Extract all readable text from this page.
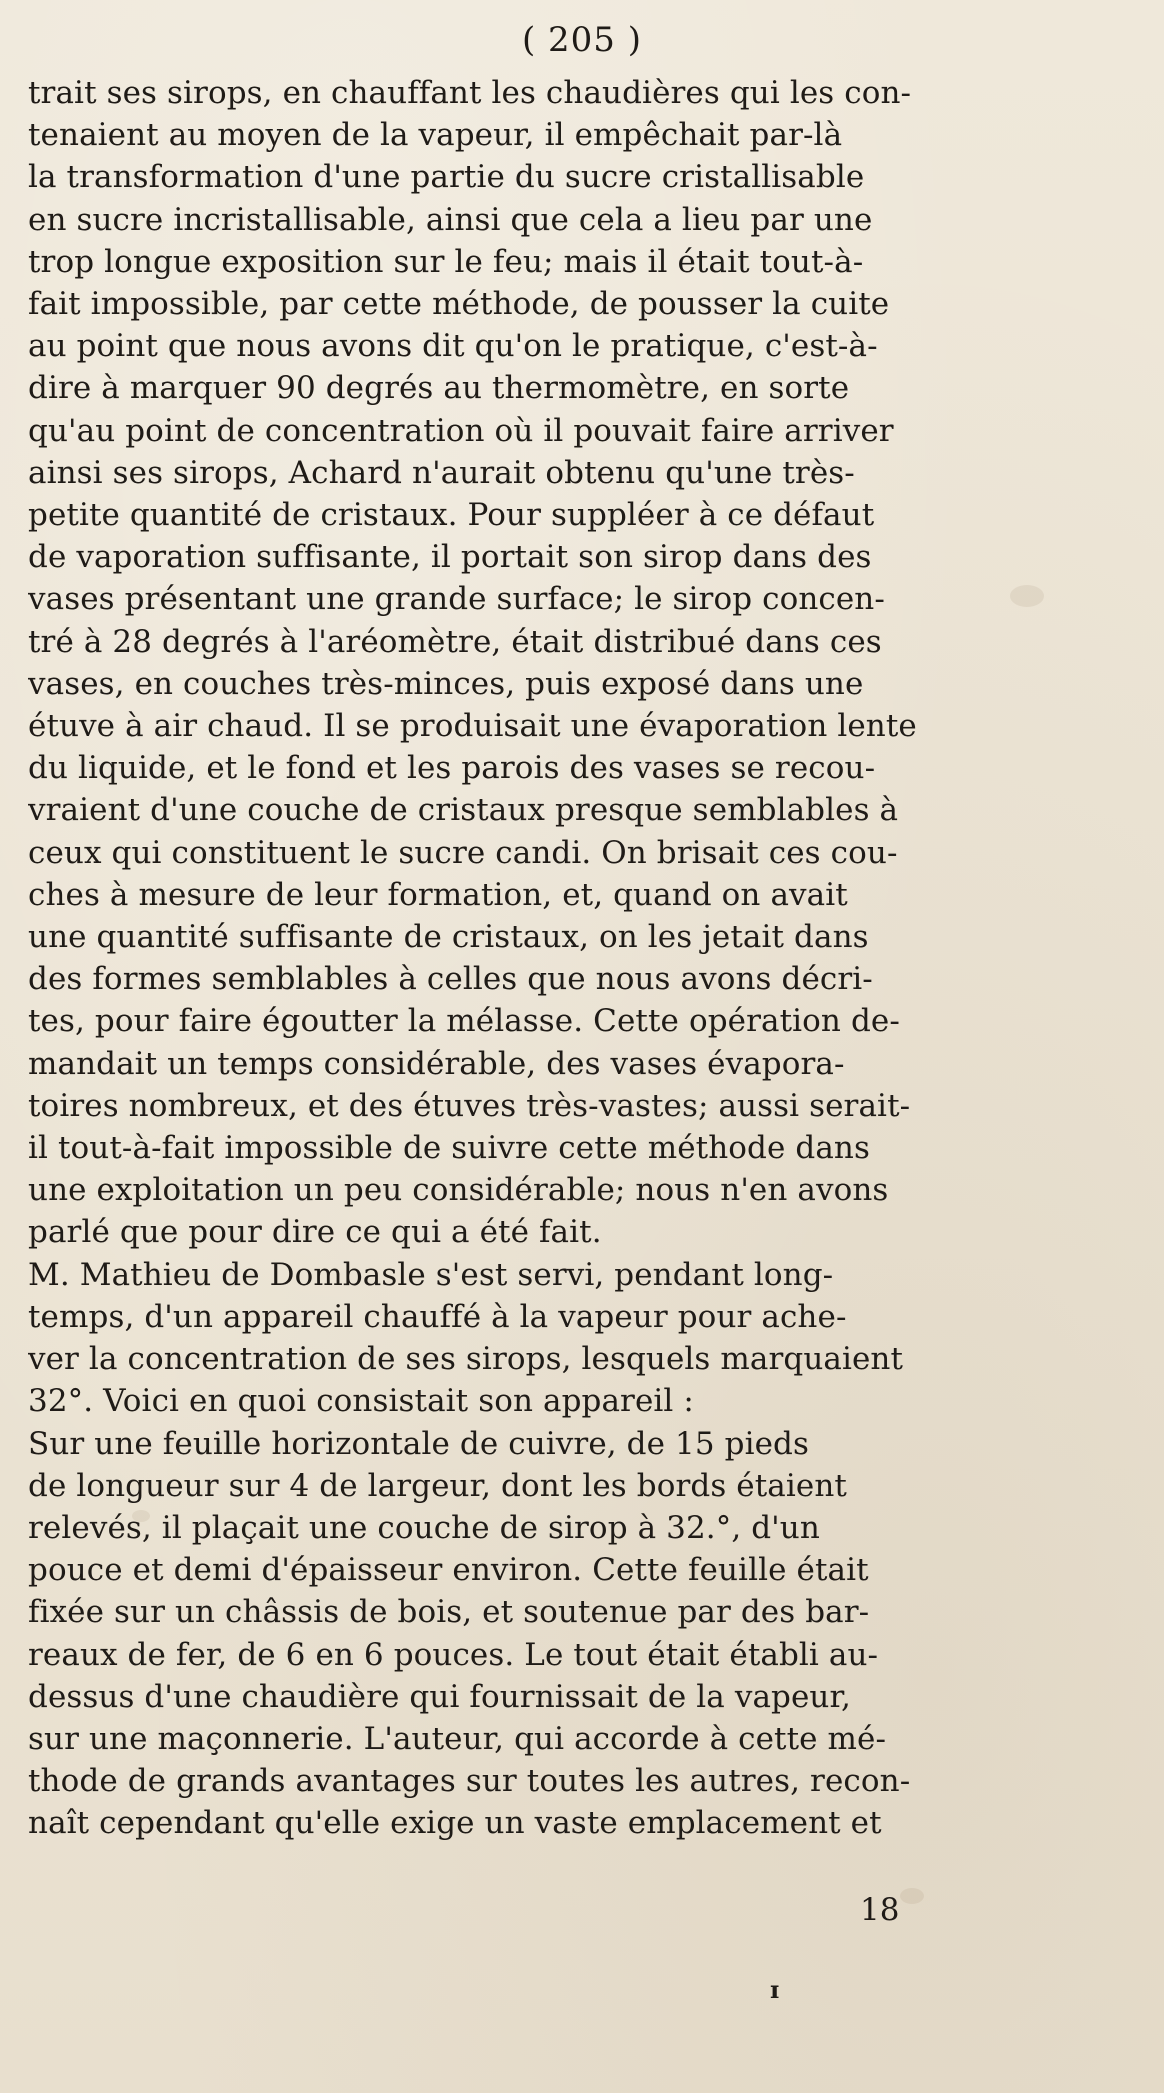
( 205 )
trait ses sirops, en chauffant les chaudières qui les con-
tenaient au moyen de la vapeur, il empêchait par-là
la transformation d'une partie du sucre cristallisable
en sucre incristallisable, ainsi que cela a lieu par une
trop longue exposition sur le feu; mais il était tout-à-
fait impossible, par cette méthode, de pousser la cuite
au point que nous avons dit qu'on le pratique, c'est-à-
dire à marquer 90 degrés au thermomètre, en sorte
qu'au point de concentration où il pouvait faire arriver
ainsi ses sirops, Achard n'aurait obtenu qu'une très-
petite quantité de cristaux. Pour suppléer à ce défaut
de vaporation suffisante, il portait son sirop dans des
vases présentant une grande surface; le sirop concen-
tré à 28 degrés à l'aréomètre, était distribué dans ces
vases, en couches très-minces, puis exposé dans une
étuve à air chaud. Il se produisait une évaporation lente
du liquide, et le fond et les parois des vases se recou-
vraient d'une couche de cristaux presque semblables à
ceux qui constituent le sucre candi. On brisait ces cou-
ches à mesure de leur formation, et, quand on avait
une quantité suffisante de cristaux, on les jetait dans
des formes semblables à celles que nous avons décri-
tes, pour faire égoutter la mélasse. Cette opération de-
mandait un temps considérable, des vases évapora-
toires nombreux, et des étuves très-vastes; aussi serait-
il tout-à-fait impossible de suivre cette méthode dans
une exploitation un peu considérable; nous n'en avons
parlé que pour dire ce qui a été fait.
M. Mathieu de Dombasle s'est servi, pendant long-
temps, d'un appareil chauffé à la vapeur pour ache-
ver la concentration de ses sirops, lesquels marquaient
32°. Voici en quoi consistait son appareil :
Sur une feuille horizontale de cuivre, de 15 pieds
de longueur sur 4 de largeur, dont les bords étaient
relevés, il plaçait une couche de sirop à 32.°, d'un
pouce et demi d'épaisseur environ. Cette feuille était
fixée sur un châssis de bois, et soutenue par des bar-
reaux de fer, de 6 en 6 pouces. Le tout était établi au-
dessus d'une chaudière qui fournissait de la vapeur,
sur une maçonnerie. L'auteur, qui accorde à cette mé-
thode de grands avantages sur toutes les autres, recon-
naît cependant qu'elle exige un vaste emplacement et
18
ɪ
